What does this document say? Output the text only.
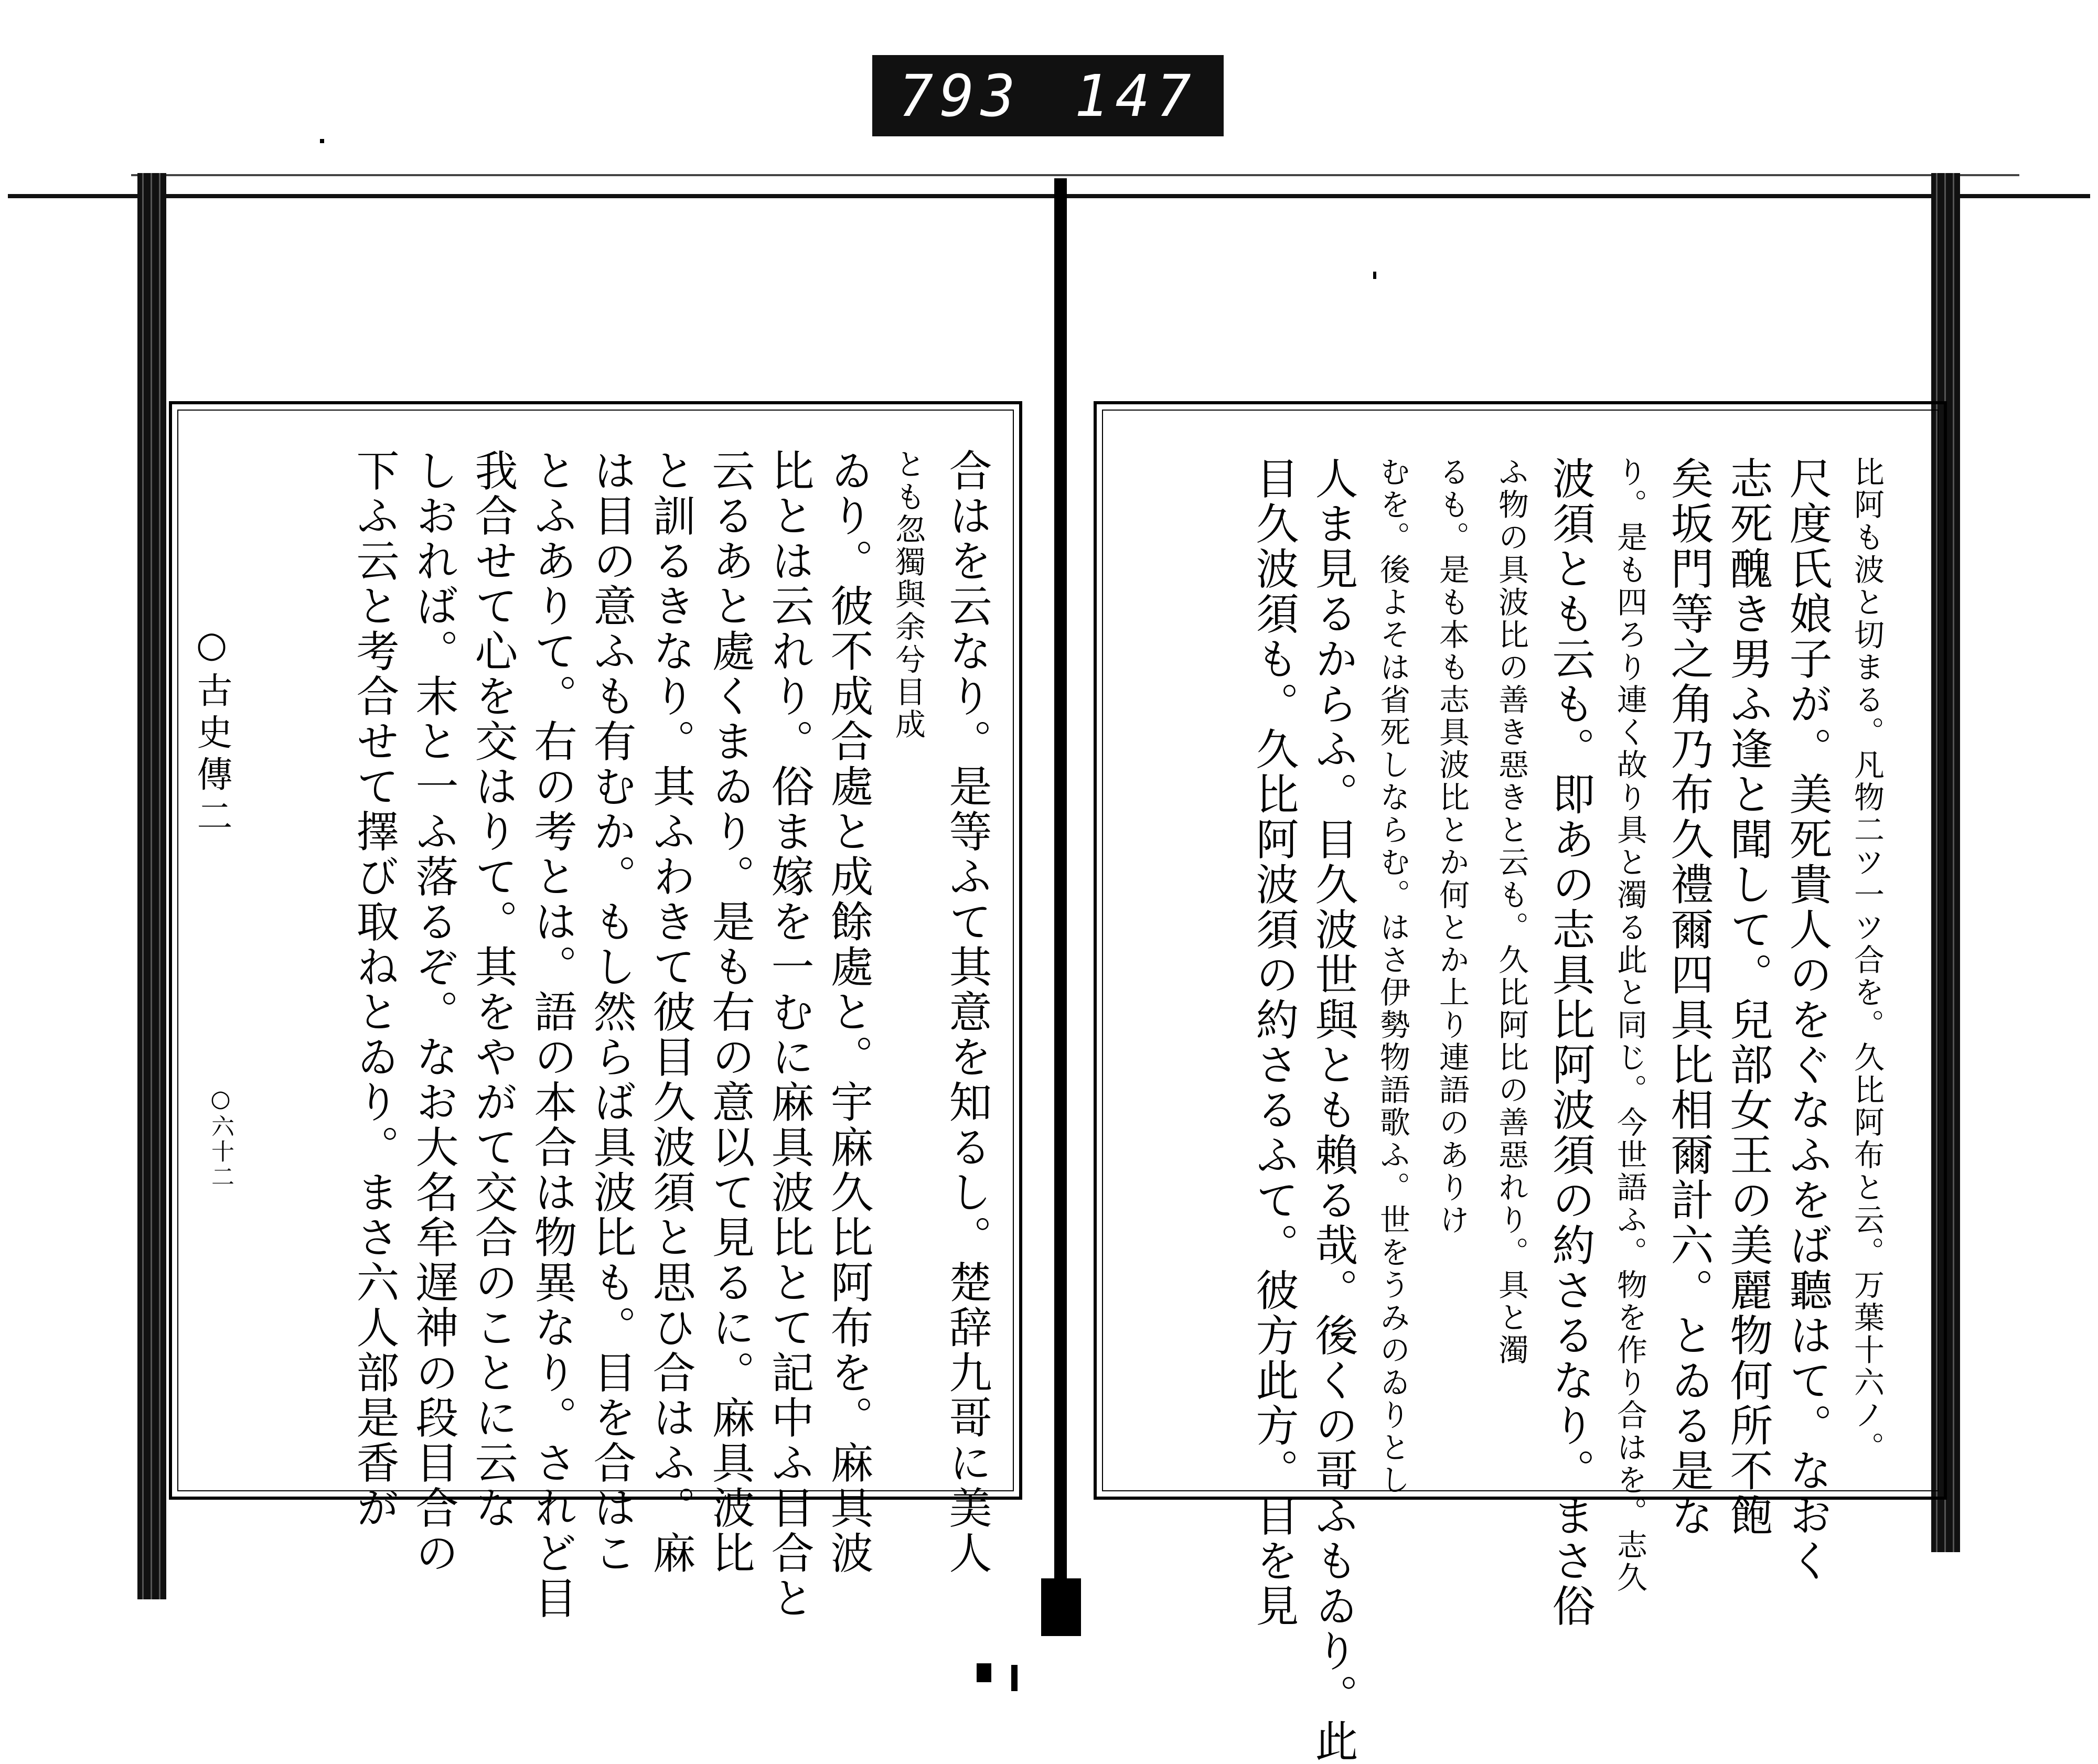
793 147
○古史傳二
○六十二	合はを云なり。是等ふて其意を知るし。楚辞九哥に美人
とも忽獨與余兮目成
ゐり。彼不成合處と成餘處と。宇麻久比阿布を。麻具波
比とは云れり。俗ま嫁を一むに麻具波比とて記中ふ目合と
云るあと處くまゐり。是も右の意以て見るに。麻具波比
と訓るきなり。其ふわきて彼目久波須と思ひ合はふ。麻
は目の意ふも有むか。もし然らば具波比も。目を合はこ
とふありて。右の考とは。語の本合は物異なり。されど目
我合せて心を交はりて。其をやがて交合のことに云な
しおれば。末と一ふ落るぞ。なお大名牟遅神の段目合の
下ふ云と考合せて擇び取ねとゐり。まさ六人部是香が	比阿も波と切まる。凡物二ツ一ツ合を。久比阿布と云。万葉十六ノ。
尺度氏娘子が。美死貴人のをぐなふをば聽はて。なおく
志死醜き男ふ逢と聞して。兒部女王の美麗物何所不飽
矣坂門等之角乃布久禮爾四具比相爾計六。とゐる是な
り。是も四ろり連く故り具と濁る此と同じ。今世語ふ。物を作り合はを。志久
波須とも云も。即あの志具比阿波須の約さるなり。まさ俗
ふ物の具波比の善き惡きと云も。久比阿比の善惡れり。具と濁
るも。是も本も志具波比とか何とか上り連語のありけ
むを。後よそは省死しならむ。はさ伊勢物語歌ふ。世をうみのゐりとし
人ま見るからふ。目久波世與とも賴る哉。後くの哥ふもゐり。此
目久波須も。久比阿波須の約さるふて。彼方此方。目を見
